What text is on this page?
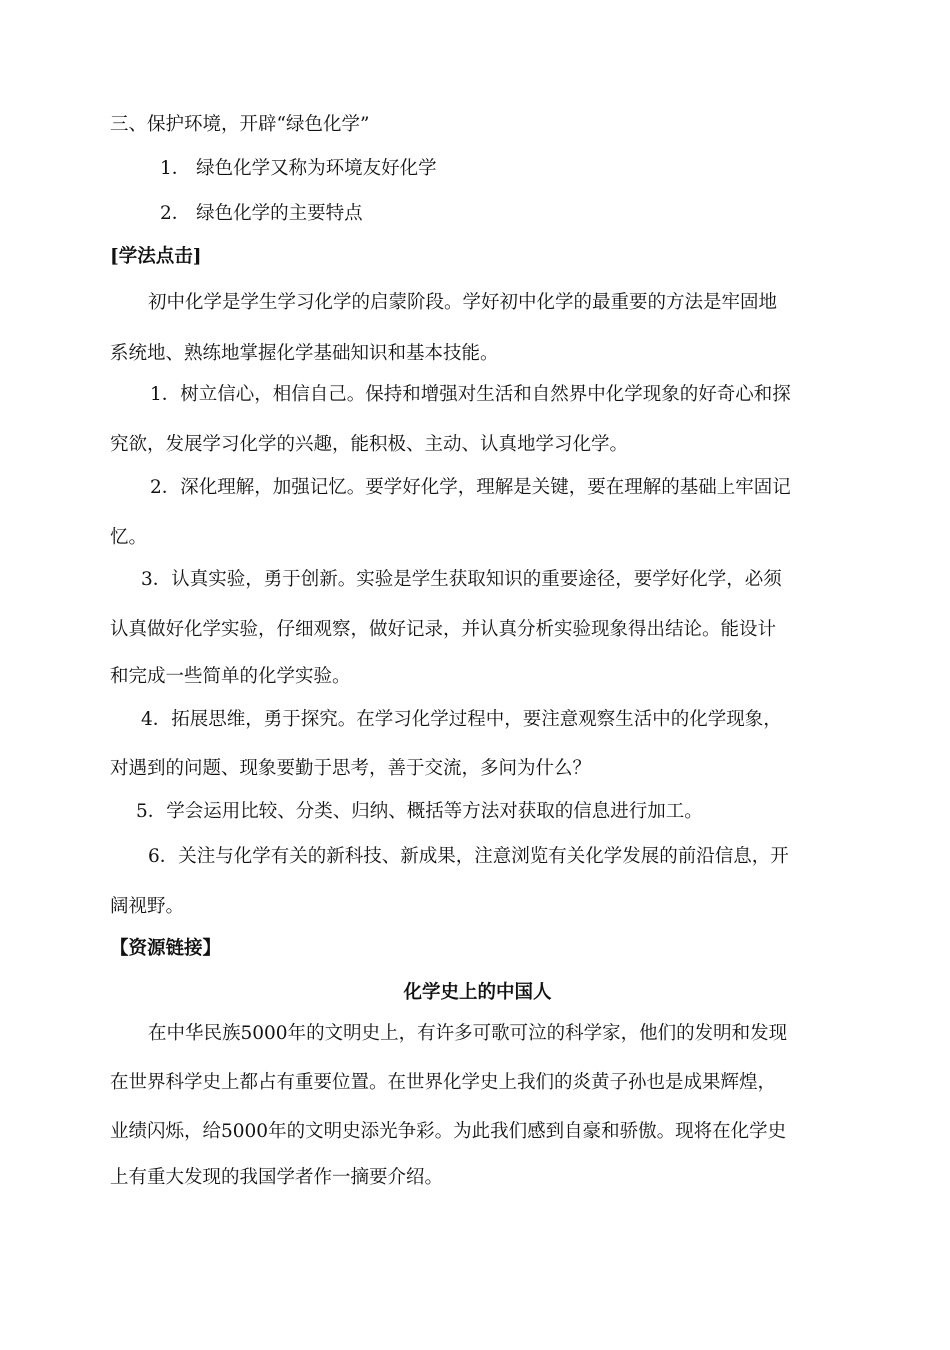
三、保护环境，开辟“绿色化学”
1． 绿色化学又称为环境友好化学
2． 绿色化学的主要特点
[学法点击]
初中化学是学生学习化学的启蒙阶段。学好初中化学的最重要的方法是牢固地
系统地、熟练地掌握化学基础知识和基本技能。
1．树立信心，相信自己。保持和增强对生活和自然界中化学现象的好奇心和探
究欲，发展学习化学的兴趣，能积极、主动、认真地学习化学。
2．深化理解，加强记忆。要学好化学，理解是关键，要在理解的基础上牢固记
忆。
3．认真实验，勇于创新。实验是学生获取知识的重要途径，要学好化学，必须
认真做好化学实验，仔细观察，做好记录，并认真分析实验现象得出结论。能设计
和完成一些简单的化学实验。
4．拓展思维，勇于探究。在学习化学过程中，要注意观察生活中的化学现象，
对遇到的问题、现象要勤于思考，善于交流，多问为什么？
5．学会运用比较、分类、归纳、概括等方法对获取的信息进行加工。
6．关注与化学有关的新科技、新成果，注意浏览有关化学发展的前沿信息，开
阔视野。
【资源链接】
化学史上的中国人
在中华民族5000年的文明史上，有许多可歌可泣的科学家，他们的发明和发现
在世界科学史上都占有重要位置。在世界化学史上我们的炎黄子孙也是成果辉煌，
业绩闪烁，给5000年的文明史添光争彩。为此我们感到自豪和骄傲。现将在化学史
上有重大发现的我国学者作一摘要介绍。
